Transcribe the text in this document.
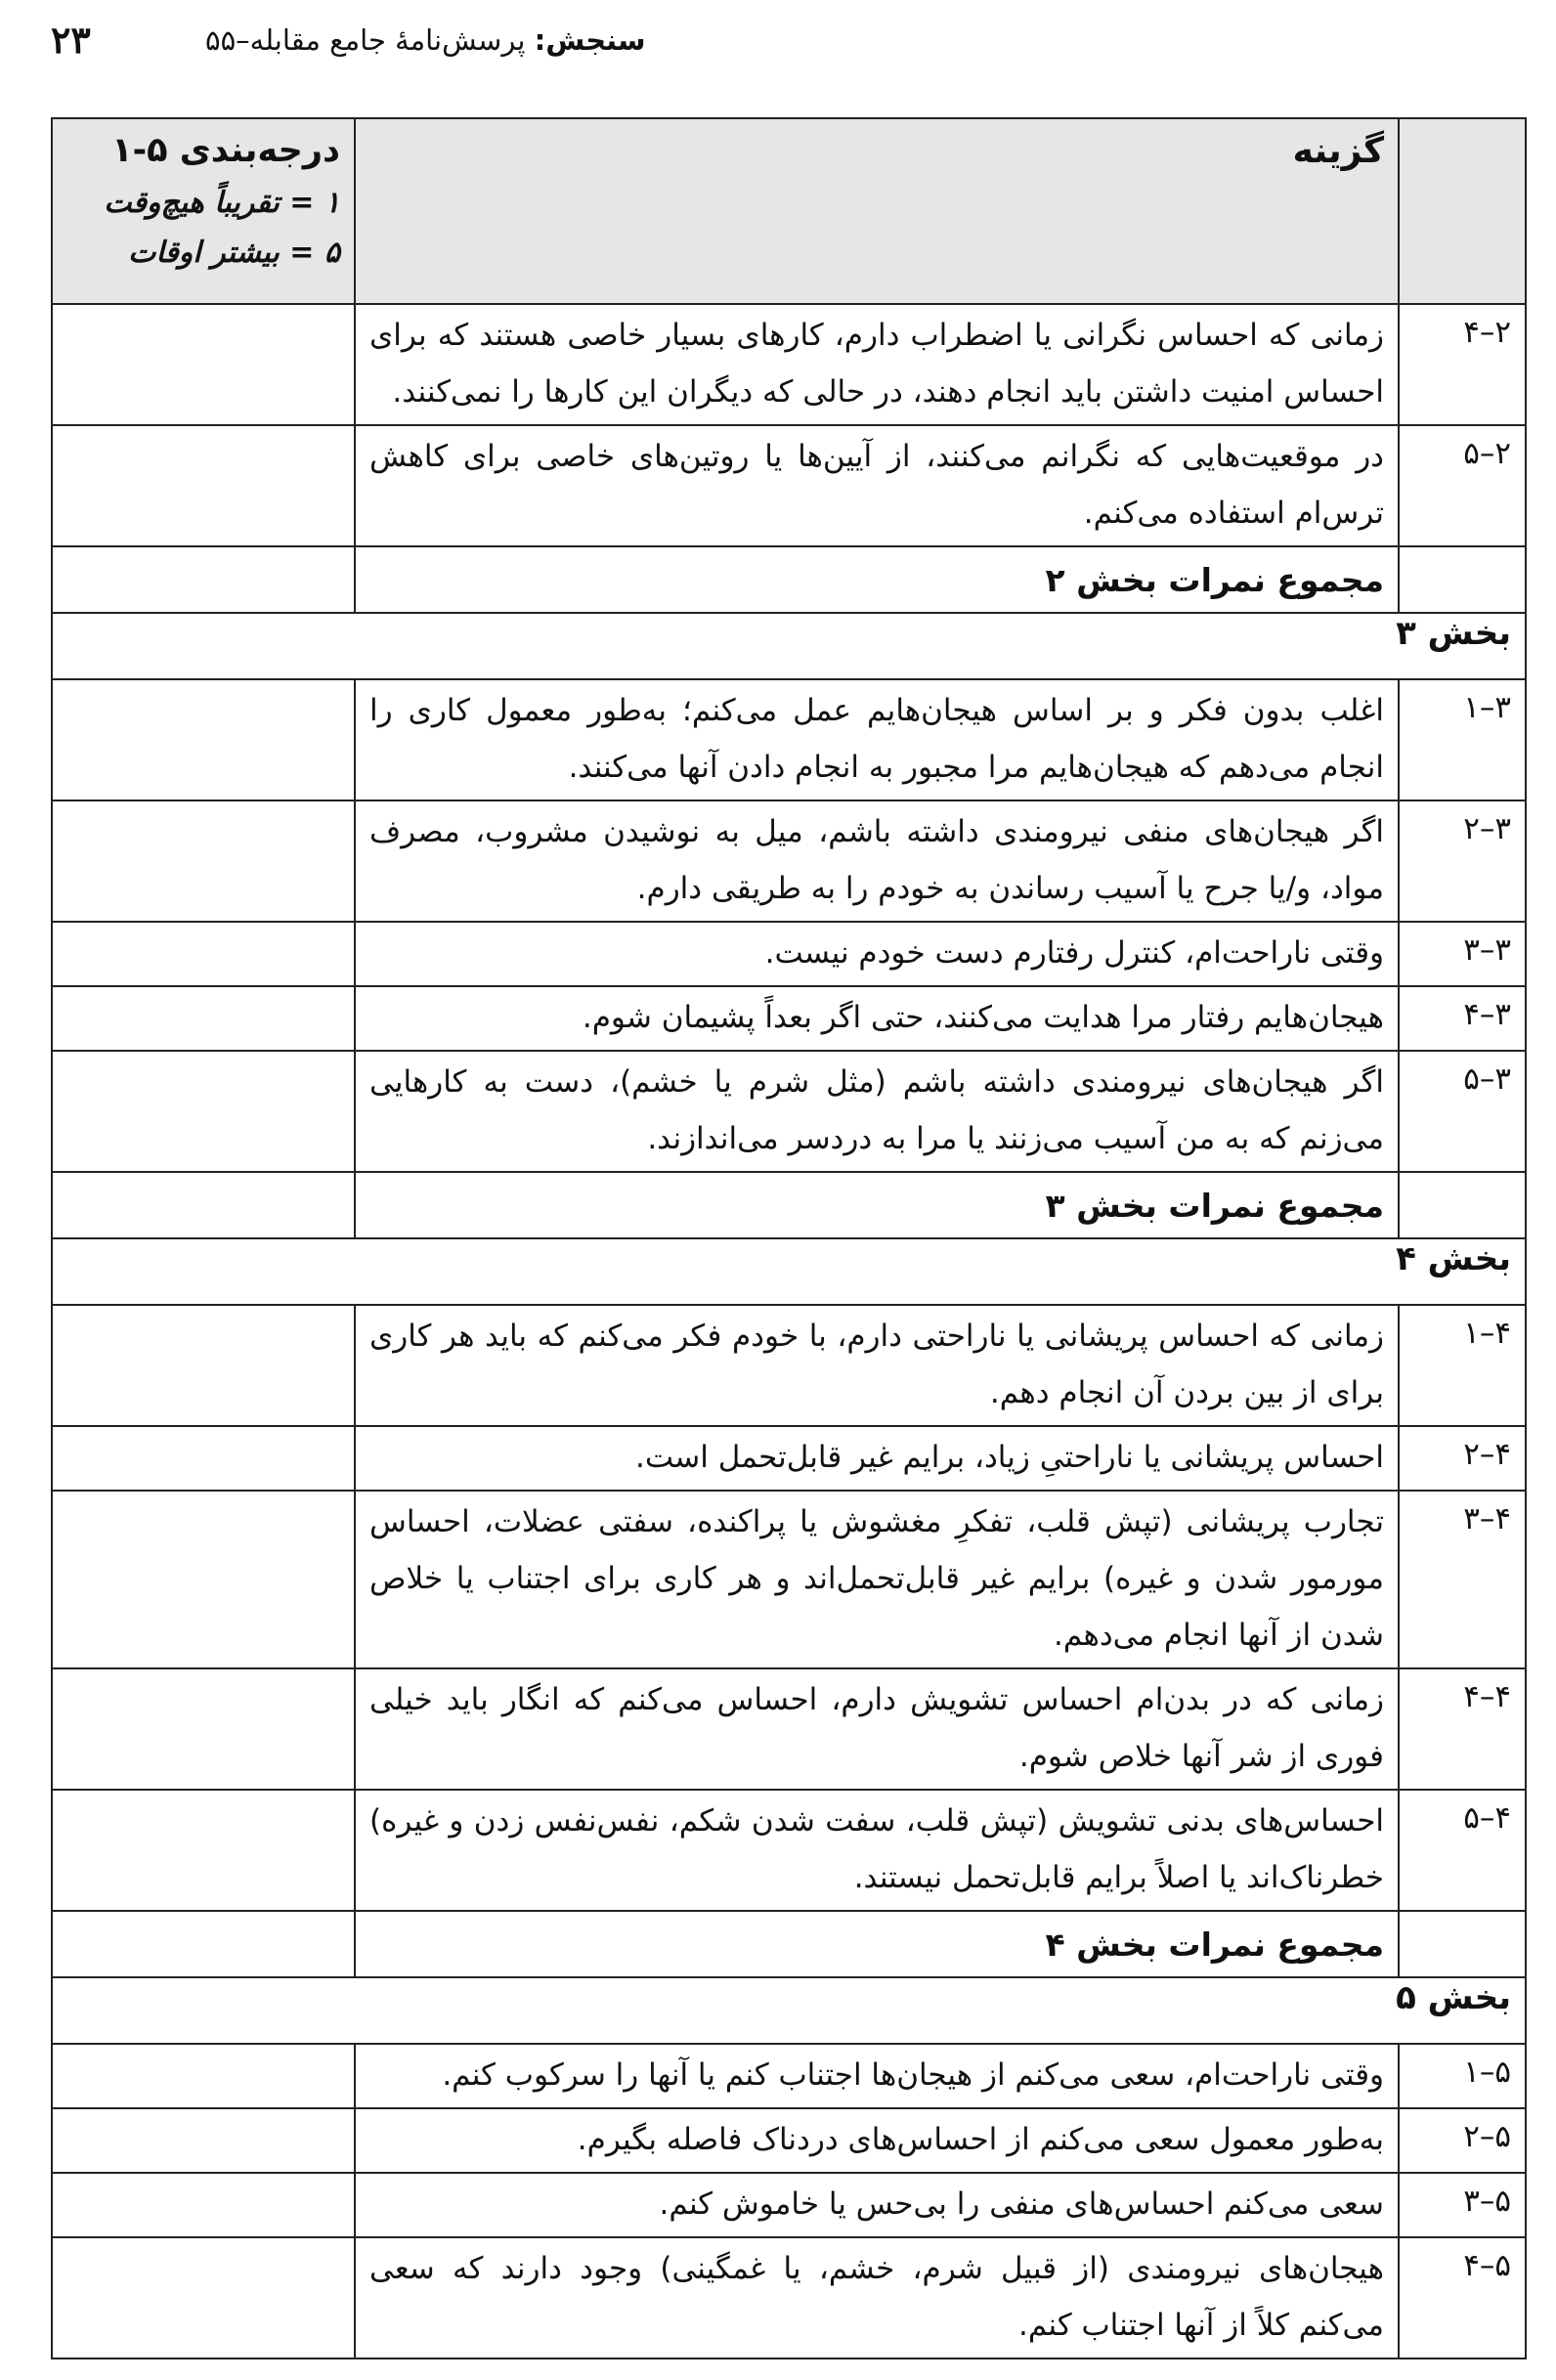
۲۳	سنجش: پرسش‌نامهٔ جامع مقابله–۵۵
	گزینه	درجه‌بندی ۵-۱
۱ = تقریباً هیچ‌وقت
۵ = بیشتر اوقات

۲–۴	زمانی که احساس نگرانی یا اضطراب دارم، کارهای بسیار خاصی هستند که برای احساس امنیت داشتن باید انجام دهند، در حالی که دیگران این کارها را نمی‌کنند.	
۲–۵	در موقعیت‌هایی که نگرانم می‌کنند، از آیین‌ها یا روتین‌های خاصی برای کاهش ترس‌ام استفاده می‌کنم.	
	مجموع نمرات بخش ۲	
بخش ۳		
۳–۱	اغلب بدون فکر و بر اساس هیجان‌هایم عمل می‌کنم؛ به‌طور معمول کاری را انجام می‌دهم که هیجان‌هایم مرا مجبور به انجام دادن آنها می‌کنند.	
۳–۲	اگر هیجان‌های منفی نیرومندی داشته باشم، میل به نوشیدن مشروب، مصرف مواد، و/یا جرح یا آسیب رساندن به خودم را به طریقی دارم.	
۳–۳	وقتی ناراحت‌ام، کنترل رفتارم دست خودم نیست.	
۳–۴	هیجان‌هایم رفتار مرا هدایت می‌کنند، حتی اگر بعداً پشیمان شوم.	
۳–۵	اگر هیجان‌های نیرومندی داشته باشم (مثل شرم یا خشم)، دست به کارهایی می‌زنم که به من آسیب می‌زنند یا مرا به دردسر می‌اندازند.	
	مجموع نمرات بخش ۳	
بخش ۴		
۴–۱	زمانی که احساس پریشانی یا ناراحتی دارم، با خودم فکر می‌کنم که باید هر کاری برای از بین بردن آن انجام دهم.	
۴–۲	احساس پریشانی یا ناراحتیِ زیاد، برایم غیر قابل‌تحمل است.	
۴–۳	تجارب پریشانی (تپش قلب، تفکرِ مغشوش یا پراکنده، سفتی عضلات، احساس مورمور شدن و غیره) برایم غیر قابل‌تحمل‌اند و هر کاری برای اجتناب یا خلاص شدن از آنها انجام می‌دهم.	
۴–۴	زمانی که در بدن‌ام احساس تشویش دارم، احساس می‌کنم که انگار باید خیلی فوری از شر آنها خلاص شوم.	
۴–۵	احساس‌های بدنی تشویش (تپش قلب، سفت شدن شکم، نفس‌نفس زدن و غیره) خطرناک‌اند یا اصلاً برایم قابل‌تحمل نیستند.	
	مجموع نمرات بخش ۴	
بخش ۵		
۵–۱	وقتی ناراحت‌ام، سعی می‌کنم از هیجان‌ها اجتناب کنم یا آنها را سرکوب کنم.	
۵–۲	به‌طور معمول سعی می‌کنم از احساس‌های دردناک فاصله بگیرم.	
۵–۳	سعی می‌کنم احساس‌های منفی را بی‌حس یا خاموش کنم.	
۵–۴	هیجان‌های نیرومندی (از قبیل شرم، خشم، یا غمگینی) وجود دارند که سعی می‌کنم کلاً از آنها اجتناب کنم.	
